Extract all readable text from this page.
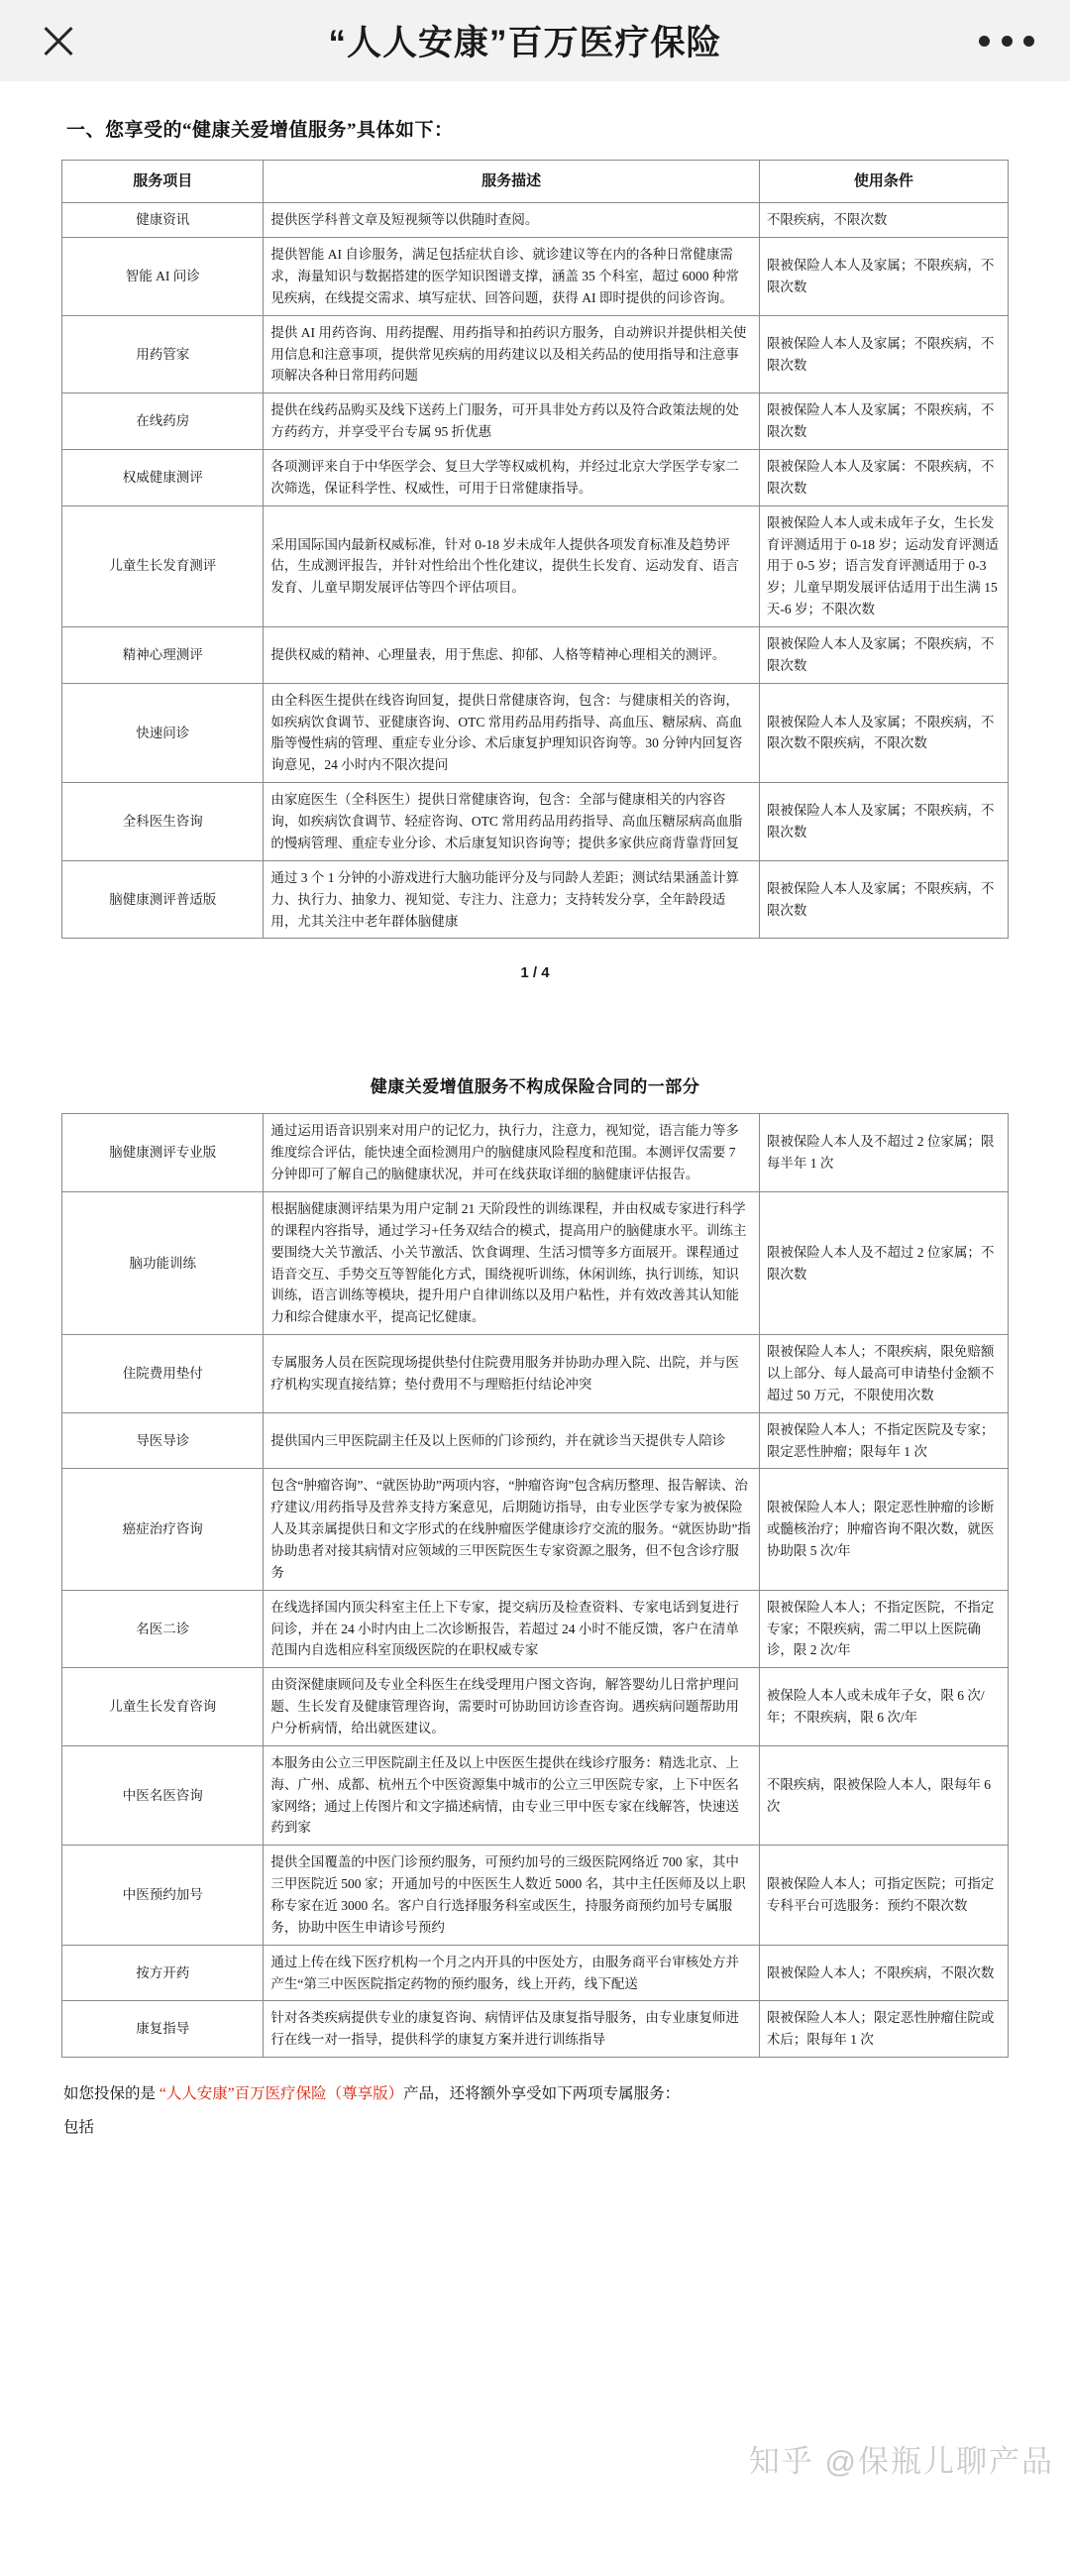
“人人安康”百万医疗保险
一、您享受的“健康关爱增值服务”具体如下：
服务项目	服务描述	使用条件
健康资讯	提供医学科普文章及短视频等以供随时查阅。	不限疾病，不限次数
智能 AI 问诊	提供智能 AI 自诊服务，满足包括症状自诊、就诊建议等在内的各种日常健康需求，海量知识与数据搭建的医学知识图谱支撑，涵盖 35 个科室，超过 6000 种常见疾病，在线提交需求、填写症状、回答问题，获得 AI 即时提供的问诊咨询。	限被保险人本人及家属；不限疾病，不限次数
用药管家	提供 AI 用药咨询、用药提醒、用药指导和拍药识方服务，自动辨识并提供相关使用信息和注意事项，提供常见疾病的用药建议以及相关药品的使用指导和注意事项解决各种日常用药问题	限被保险人本人及家属；不限疾病，不限次数
在线药房	提供在线药品购买及线下送药上门服务，可开具非处方药以及符合政策法规的处方药药方，并享受平台专属 95 折优惠	限被保险人本人及家属；不限疾病，不限次数
权威健康测评	各项测评来自于中华医学会、复旦大学等权威机构，并经过北京大学医学专家二次筛选，保证科学性、权威性，可用于日常健康指导。	限被保险人本人及家属：不限疾病，不限次数
儿童生长发育测评	采用国际国内最新权威标准，针对 0-18 岁未成年人提供各项发育标准及趋势评估，生成测评报告，并针对性给出个性化建议，提供生长发育、运动发育、语言发育、儿童早期发展评估等四个评估项目。	限被保险人本人或未成年子女，生长发育评测适用于 0-18 岁；运动发育评测适用于 0-5 岁；语言发育评测适用于 0-3 岁；儿童早期发展评估适用于出生满 15 天-6 岁；不限次数
精神心理测评	提供权威的精神、心理量表，用于焦虑、抑郁、人格等精神心理相关的测评。	限被保险人本人及家属；不限疾病，不限次数
快速问诊	由全科医生提供在线咨询回复，提供日常健康咨询，包含：与健康相关的咨询，如疾病饮食调节、亚健康咨询、OTC 常用药品用药指导、高血压、糖尿病、高血脂等慢性病的管理、重症专业分诊、术后康复护理知识咨询等。30 分钟内回复咨询意见，24 小时内不限次提问	限被保险人本人及家属；不限疾病，不限次数不限疾病，不限次数
全科医生咨询	由家庭医生（全科医生）提供日常健康咨询，包含：全部与健康相关的内容咨询，如疾病饮食调节、轻症咨询、OTC 常用药品用药指导、高血压糖尿病高血脂的慢病管理、重症专业分诊、术后康复知识咨询等；提供多家供应商背靠背回复	限被保险人本人及家属；不限疾病，不限次数
脑健康测评普适版	通过 3 个 1 分钟的小游戏进行大脑功能评分及与同龄人差距；测试结果涵盖计算力、执行力、抽象力、视知觉、专注力、注意力；支持转发分享，全年龄段适用，尤其关注中老年群体脑健康	限被保险人本人及家属；不限疾病，不限次数
1 / 4
健康关爱增值服务不构成保险合同的一部分
脑健康测评专业版	通过运用语音识别来对用户的记忆力，执行力，注意力，视知觉，语言能力等多维度综合评估，能快速全面检测用户的脑健康风险程度和范围。本测评仅需要 7 分钟即可了解自己的脑健康状况，并可在线获取详细的脑健康评估报告。	限被保险人本人及不超过 2 位家属；限每半年 1 次
脑功能训练	根据脑健康测评结果为用户定制 21 天阶段性的训练课程，并由权威专家进行科学的课程内容指导，通过学习+任务双结合的模式，提高用户的脑健康水平。训练主要围绕大关节激活、小关节激活、饮食调理、生活习惯等多方面展开。课程通过语音交互、手势交互等智能化方式，围绕视听训练，休闲训练，执行训练，知识训练，语言训练等模块，提升用户自律训练以及用户粘性，并有效改善其认知能力和综合健康水平，提高记忆健康。	限被保险人本人及不超过 2 位家属；不限次数
住院费用垫付	专属服务人员在医院现场提供垫付住院费用服务并协助办理入院、出院，并与医疗机构实现直接结算；垫付费用不与理赔拒付结论冲突	限被保险人本人；不限疾病，限免赔额以上部分、每人最高可申请垫付金额不超过 50 万元，不限使用次数
导医导诊	提供国内三甲医院副主任及以上医师的门诊预约，并在就诊当天提供专人陪诊	限被保险人本人；不指定医院及专家；限定恶性肿瘤；限每年 1 次
癌症治疗咨询	包含“肿瘤咨询”、“就医协助”两项内容，“肿瘤咨询”包含病历整理、报告解读、治疗建议/用药指导及营养支持方案意见，后期随访指导，由专业医学专家为被保险人及其亲属提供日和文字形式的在线肿瘤医学健康诊疗交流的服务。“就医协助”指协助患者对接其病情对应领域的三甲医院医生专家资源之服务，但不包含诊疗服务	限被保险人本人；限定恶性肿瘤的诊断或髓核治疗；肿瘤咨询不限次数，就医协助限 5 次/年
名医二诊	在线选择国内顶尖科室主任上下专家，提交病历及检查资料、专家电话到复进行问诊，并在 24 小时内由上二次诊断报告，若超过 24 小时不能反馈，客户在清单范围内自选相应科室顶级医院的在职权威专家	限被保险人本人；不指定医院，不指定专家；不限疾病，需二甲以上医院确诊，限 2 次/年
儿童生长发育咨询	由资深健康顾问及专业全科医生在线受理用户图文咨询，解答婴幼儿日常护理问题、生长发育及健康管理咨询，需要时可协助回访诊查咨询。遇疾病问题帮助用户分析病情，给出就医建议。	被保险人本人或未成年子女，限 6 次/年；不限疾病，限 6 次/年
中医名医咨询	本服务由公立三甲医院副主任及以上中医医生提供在线诊疗服务：精选北京、上海、广州、成都、杭州五个中医资源集中城市的公立三甲医院专家，上下中医名家网络；通过上传图片和文字描述病情，由专业三甲中医专家在线解答，快速送药到家	不限疾病，限被保险人本人，限每年 6 次
中医预约加号	提供全国覆盖的中医门诊预约服务，可预约加号的三级医院网络近 700 家，其中三甲医院近 500 家；开通加号的中医医生人数近 5000 名，其中主任医师及以上职称专家在近 3000 名。客户自行选择服务科室或医生，持服务商预约加号专属服务，协助中医生申请诊号预约	限被保险人本人；可指定医院；可指定专科平台可选服务：预约不限次数
按方开药	通过上传在线下医疗机构一个月之内开具的中医处方，由服务商平台审核处方并产生“第三中医医院指定药物的预约服务，线上开药，线下配送	限被保险人本人；不限疾病，不限次数
康复指导	针对各类疾病提供专业的康复咨询、病情评估及康复指导服务，由专业康复师进行在线一对一指导，提供科学的康复方案并进行训练指导	限被保险人本人；限定恶性肿瘤住院或术后；限每年 1 次
如您投保的是 “人人安康”百万医疗保险（尊享版）产品，还将额外享受如下两项专属服务：
包括
知乎 @保瓶儿聊产品
